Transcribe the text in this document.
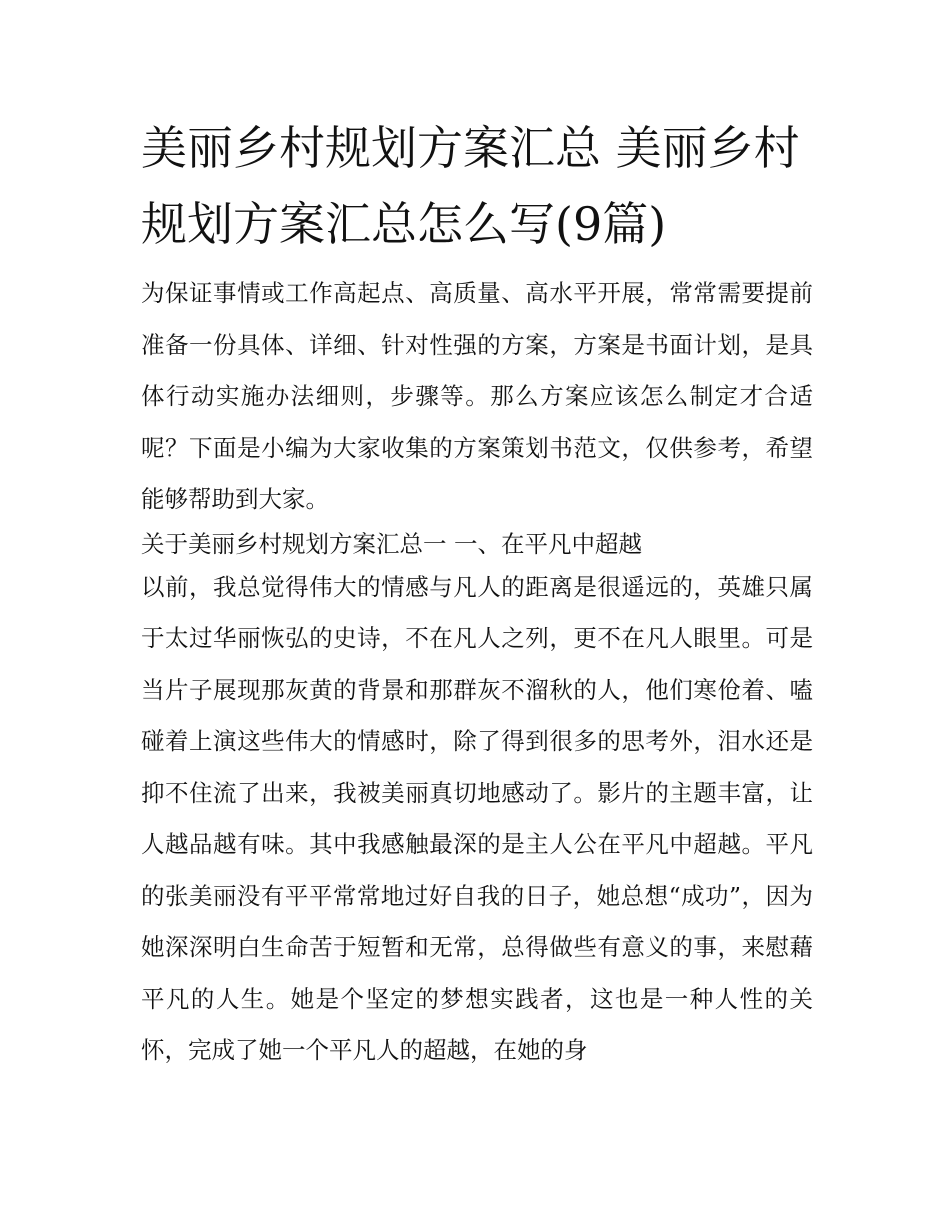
美丽乡村规划方案汇总 美丽乡村规划方案汇总怎么写(9篇)

为保证事情或工作高起点、高质量、高水平开展，常常需要提前准备一份具体、详细、针对性强的方案，方案是书面计划，是具体行动实施办法细则，步骤等。那么方案应该怎么制定才合适呢？下面是小编为大家收集的方案策划书范文，仅供参考，希望能够帮助到大家。

关于美丽乡村规划方案汇总一 一、在平凡中超越

以前，我总觉得伟大的情感与凡人的距离是很遥远的，英雄只属于太过华丽恢弘的史诗，不在凡人之列，更不在凡人眼里。可是当片子展现那灰黄的背景和那群灰不溜秋的人，他们寒伧着、嗑碰着上演这些伟大的情感时，除了得到很多的思考外，泪水还是抑不住流了出来，我被美丽真切地感动了。影片的主题丰富，让人越品越有味。其中我感触最深的是主人公在平凡中超越。平凡的张美丽没有平平常常地过好自我的日子，她总想“成功”，因为她深深明白生命苦于短暂和无常，总得做些有意义的事，来慰藉平凡的人生。她是个坚定的梦想实践者，这也是一种人性的关怀，完成了她一个平凡人的超越，在她的身
